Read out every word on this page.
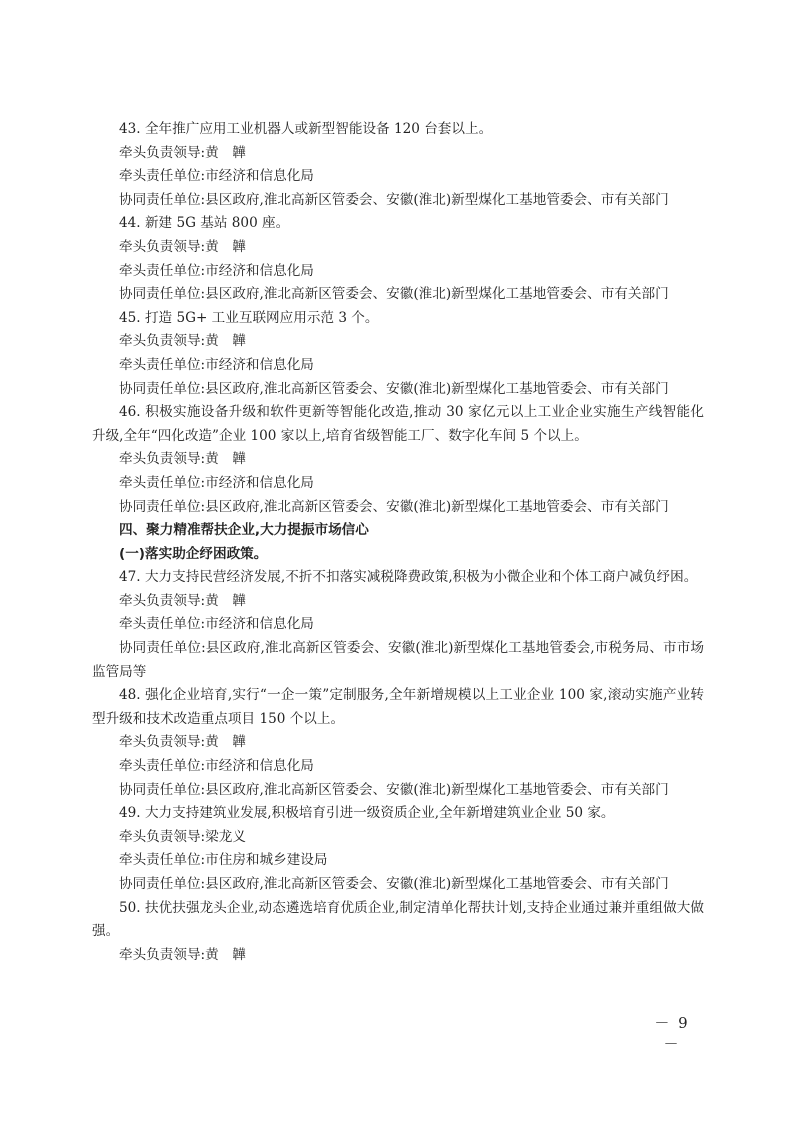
43. 全年推广应用工业机器人或新型智能设备 120 台套以上。
牵头负责领导:黄　韡
牵头责任单位:市经济和信息化局
协同责任单位:县区政府,淮北高新区管委会、安徽(淮北)新型煤化工基地管委会、市有关部门
44. 新建 5G 基站 800 座。
牵头负责领导:黄　韡
牵头责任单位:市经济和信息化局
协同责任单位:县区政府,淮北高新区管委会、安徽(淮北)新型煤化工基地管委会、市有关部门
45. 打造 5G+ 工业互联网应用示范 3 个。
牵头负责领导:黄　韡
牵头责任单位:市经济和信息化局
协同责任单位:县区政府,淮北高新区管委会、安徽(淮北)新型煤化工基地管委会、市有关部门
46. 积极实施设备升级和软件更新等智能化改造,推动 30 家亿元以上工业企业实施生产线智能化升级,全年“四化改造”企业 100 家以上,培育省级智能工厂、数字化车间 5 个以上。
牵头负责领导:黄　韡
牵头责任单位:市经济和信息化局
协同责任单位:县区政府,淮北高新区管委会、安徽(淮北)新型煤化工基地管委会、市有关部门
四、聚力精准帮扶企业,大力提振市场信心
(一)落实助企纾困政策。
47. 大力支持民营经济发展,不折不扣落实减税降费政策,积极为小微企业和个体工商户减负纾困。
牵头负责领导:黄　韡
牵头责任单位:市经济和信息化局
协同责任单位:县区政府,淮北高新区管委会、安徽(淮北)新型煤化工基地管委会,市税务局、市市场监管局等
48. 强化企业培育,实行“一企一策”定制服务,全年新增规模以上工业企业 100 家,滚动实施产业转型升级和技术改造重点项目 150 个以上。
牵头负责领导:黄　韡
牵头责任单位:市经济和信息化局
协同责任单位:县区政府,淮北高新区管委会、安徽(淮北)新型煤化工基地管委会、市有关部门
49. 大力支持建筑业发展,积极培育引进一级资质企业,全年新增建筑业企业 50 家。
牵头负责领导:梁龙义
牵头责任单位:市住房和城乡建设局
协同责任单位:县区政府,淮北高新区管委会、安徽(淮北)新型煤化工基地管委会、市有关部门
50. 扶优扶强龙头企业,动态遴选培育优质企业,制定清单化帮扶计划,支持企业通过兼并重组做大做强。
牵头负责领导:黄　韡
－ 9 －
